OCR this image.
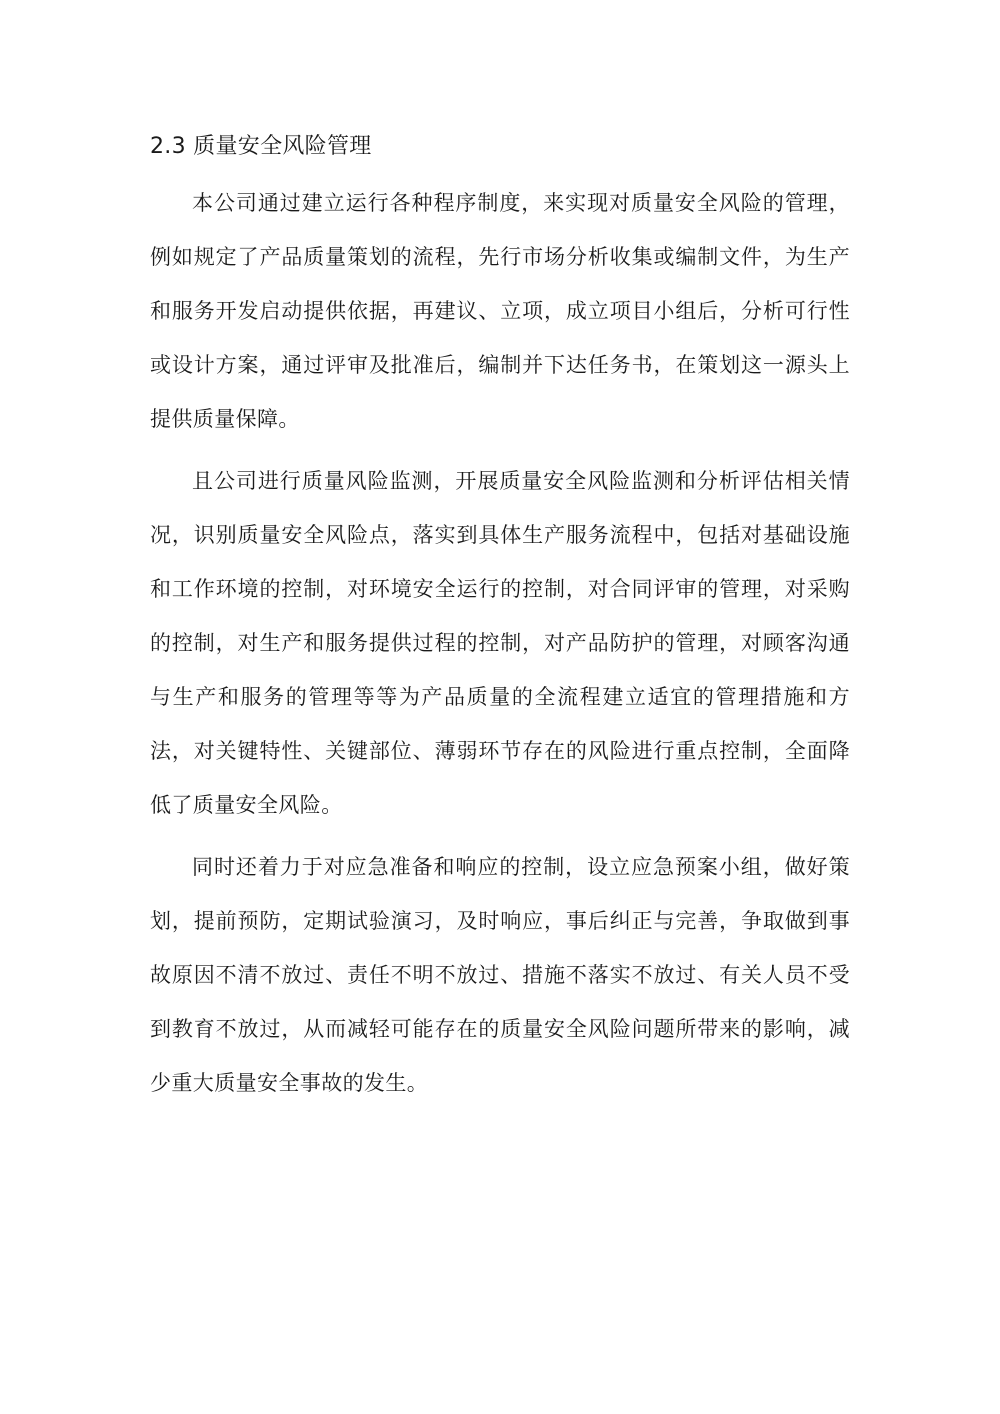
2.3 质量安全风险管理

本公司通过建立运行各种程序制度，来实现对质量安全风险的管理，例如规定了产品质量策划的流程，先行市场分析收集或编制文件，为生产和服务开发启动提供依据，再建议、立项，成立项目小组后，分析可行性或设计方案，通过评审及批准后，编制并下达任务书，在策划这一源头上提供质量保障。

且公司进行质量风险监测，开展质量安全风险监测和分析评估相关情况，识别质量安全风险点，落实到具体生产服务流程中，包括对基础设施和工作环境的控制，对环境安全运行的控制，对合同评审的管理，对采购的控制，对生产和服务提供过程的控制，对产品防护的管理，对顾客沟通与生产和服务的管理等等为产品质量的全流程建立适宜的管理措施和方法，对关键特性、关键部位、薄弱环节存在的风险进行重点控制，全面降低了质量安全风险。

同时还着力于对应急准备和响应的控制，设立应急预案小组，做好策划，提前预防，定期试验演习，及时响应，事后纠正与完善，争取做到事故原因不清不放过、责任不明不放过、措施不落实不放过、有关人员不受到教育不放过，从而减轻可能存在的质量安全风险问题所带来的影响，减少重大质量安全事故的发生。
